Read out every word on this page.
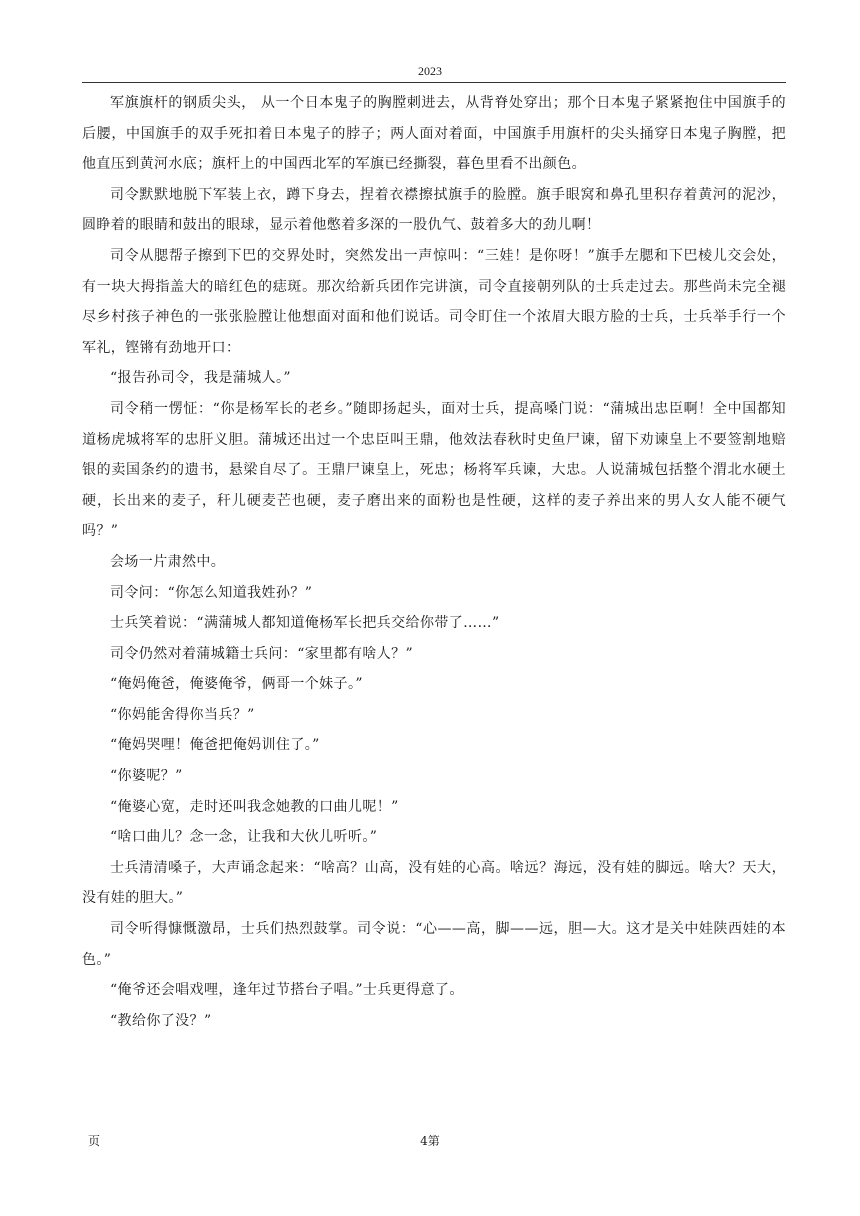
2023

军旗旗杆的钢质尖头， 从一个日本鬼子的胸膛刺进去，从背脊处穿出；那个日本鬼子紧紧抱住中国旗手的后腰，中国旗手的双手死扣着日本鬼子的脖子；两人面对着面，中国旗手用旗杆的尖头捅穿日本鬼子胸膛，把他直压到黄河水底；旗杆上的中国西北军的军旗已经撕裂，暮色里看不出颜色。

司令默默地脱下军装上衣，蹲下身去，捏着衣襟擦拭旗手的脸膛。旗手眼窝和鼻孔里积存着黄河的泥沙，圆睁着的眼睛和鼓出的眼球，显示着他憋着多深的一股仇气、鼓着多大的劲儿啊！

司令从腮帮子擦到下巴的交界处时，突然发出一声惊叫：“三娃！是你呀！”旗手左腮和下巴棱儿交会处，有一块大拇指盖大的暗红色的痣斑。那次给新兵团作完讲演，司令直接朝列队的士兵走过去。那些尚未完全褪尽乡村孩子神色的一张张脸膛让他想面对面和他们说话。司令盯住一个浓眉大眼方脸的士兵，士兵举手行一个军礼，铿锵有劲地开口：

“报告孙司令，我是蒲城人。”

司令稍一愣怔：“你是杨军长的老乡。”随即扬起头，面对士兵，提高嗓门说：“蒲城出忠臣啊！全中国都知道杨虎城将军的忠肝义胆。蒲城还出过一个忠臣叫王鼎，他效法春秋时史鱼尸谏，留下劝谏皇上不要签割地赔银的卖国条约的遗书，悬梁自尽了。王鼎尸谏皇上，死忠；杨将军兵谏，大忠。人说蒲城包括整个渭北水硬土硬，长出来的麦子，秆儿硬麦芒也硬，麦子磨出来的面粉也是性硬，这样的麦子养出来的男人女人能不硬气吗？”

会场一片肃然中。

司令问：“你怎么知道我姓孙？”

士兵笑着说：“满蒲城人都知道俺杨军长把兵交给你带了……”

司令仍然对着蒲城籍士兵问：“家里都有啥人？”

“俺妈俺爸，俺婆俺爷，俩哥一个妹子。”

“你妈能舍得你当兵？”

“俺妈哭哩！俺爸把俺妈训住了。”

“你婆呢？”

“俺婆心宽，走时还叫我念她教的口曲儿呢！”

“啥口曲儿？念一念，让我和大伙儿听听。”

士兵清清嗓子，大声诵念起来：“啥高？山高，没有娃的心高。啥远？海远，没有娃的脚远。啥大？天大，没有娃的胆大。”

司令听得慷慨激昂，士兵们热烈鼓掌。司令说：“心——高，脚——远，胆—大。这才是关中娃陕西娃的本色。”

“俺爷还会唱戏哩，逢年过节搭台子唱。”士兵更得意了。

“教给你了没？”

页	4第
